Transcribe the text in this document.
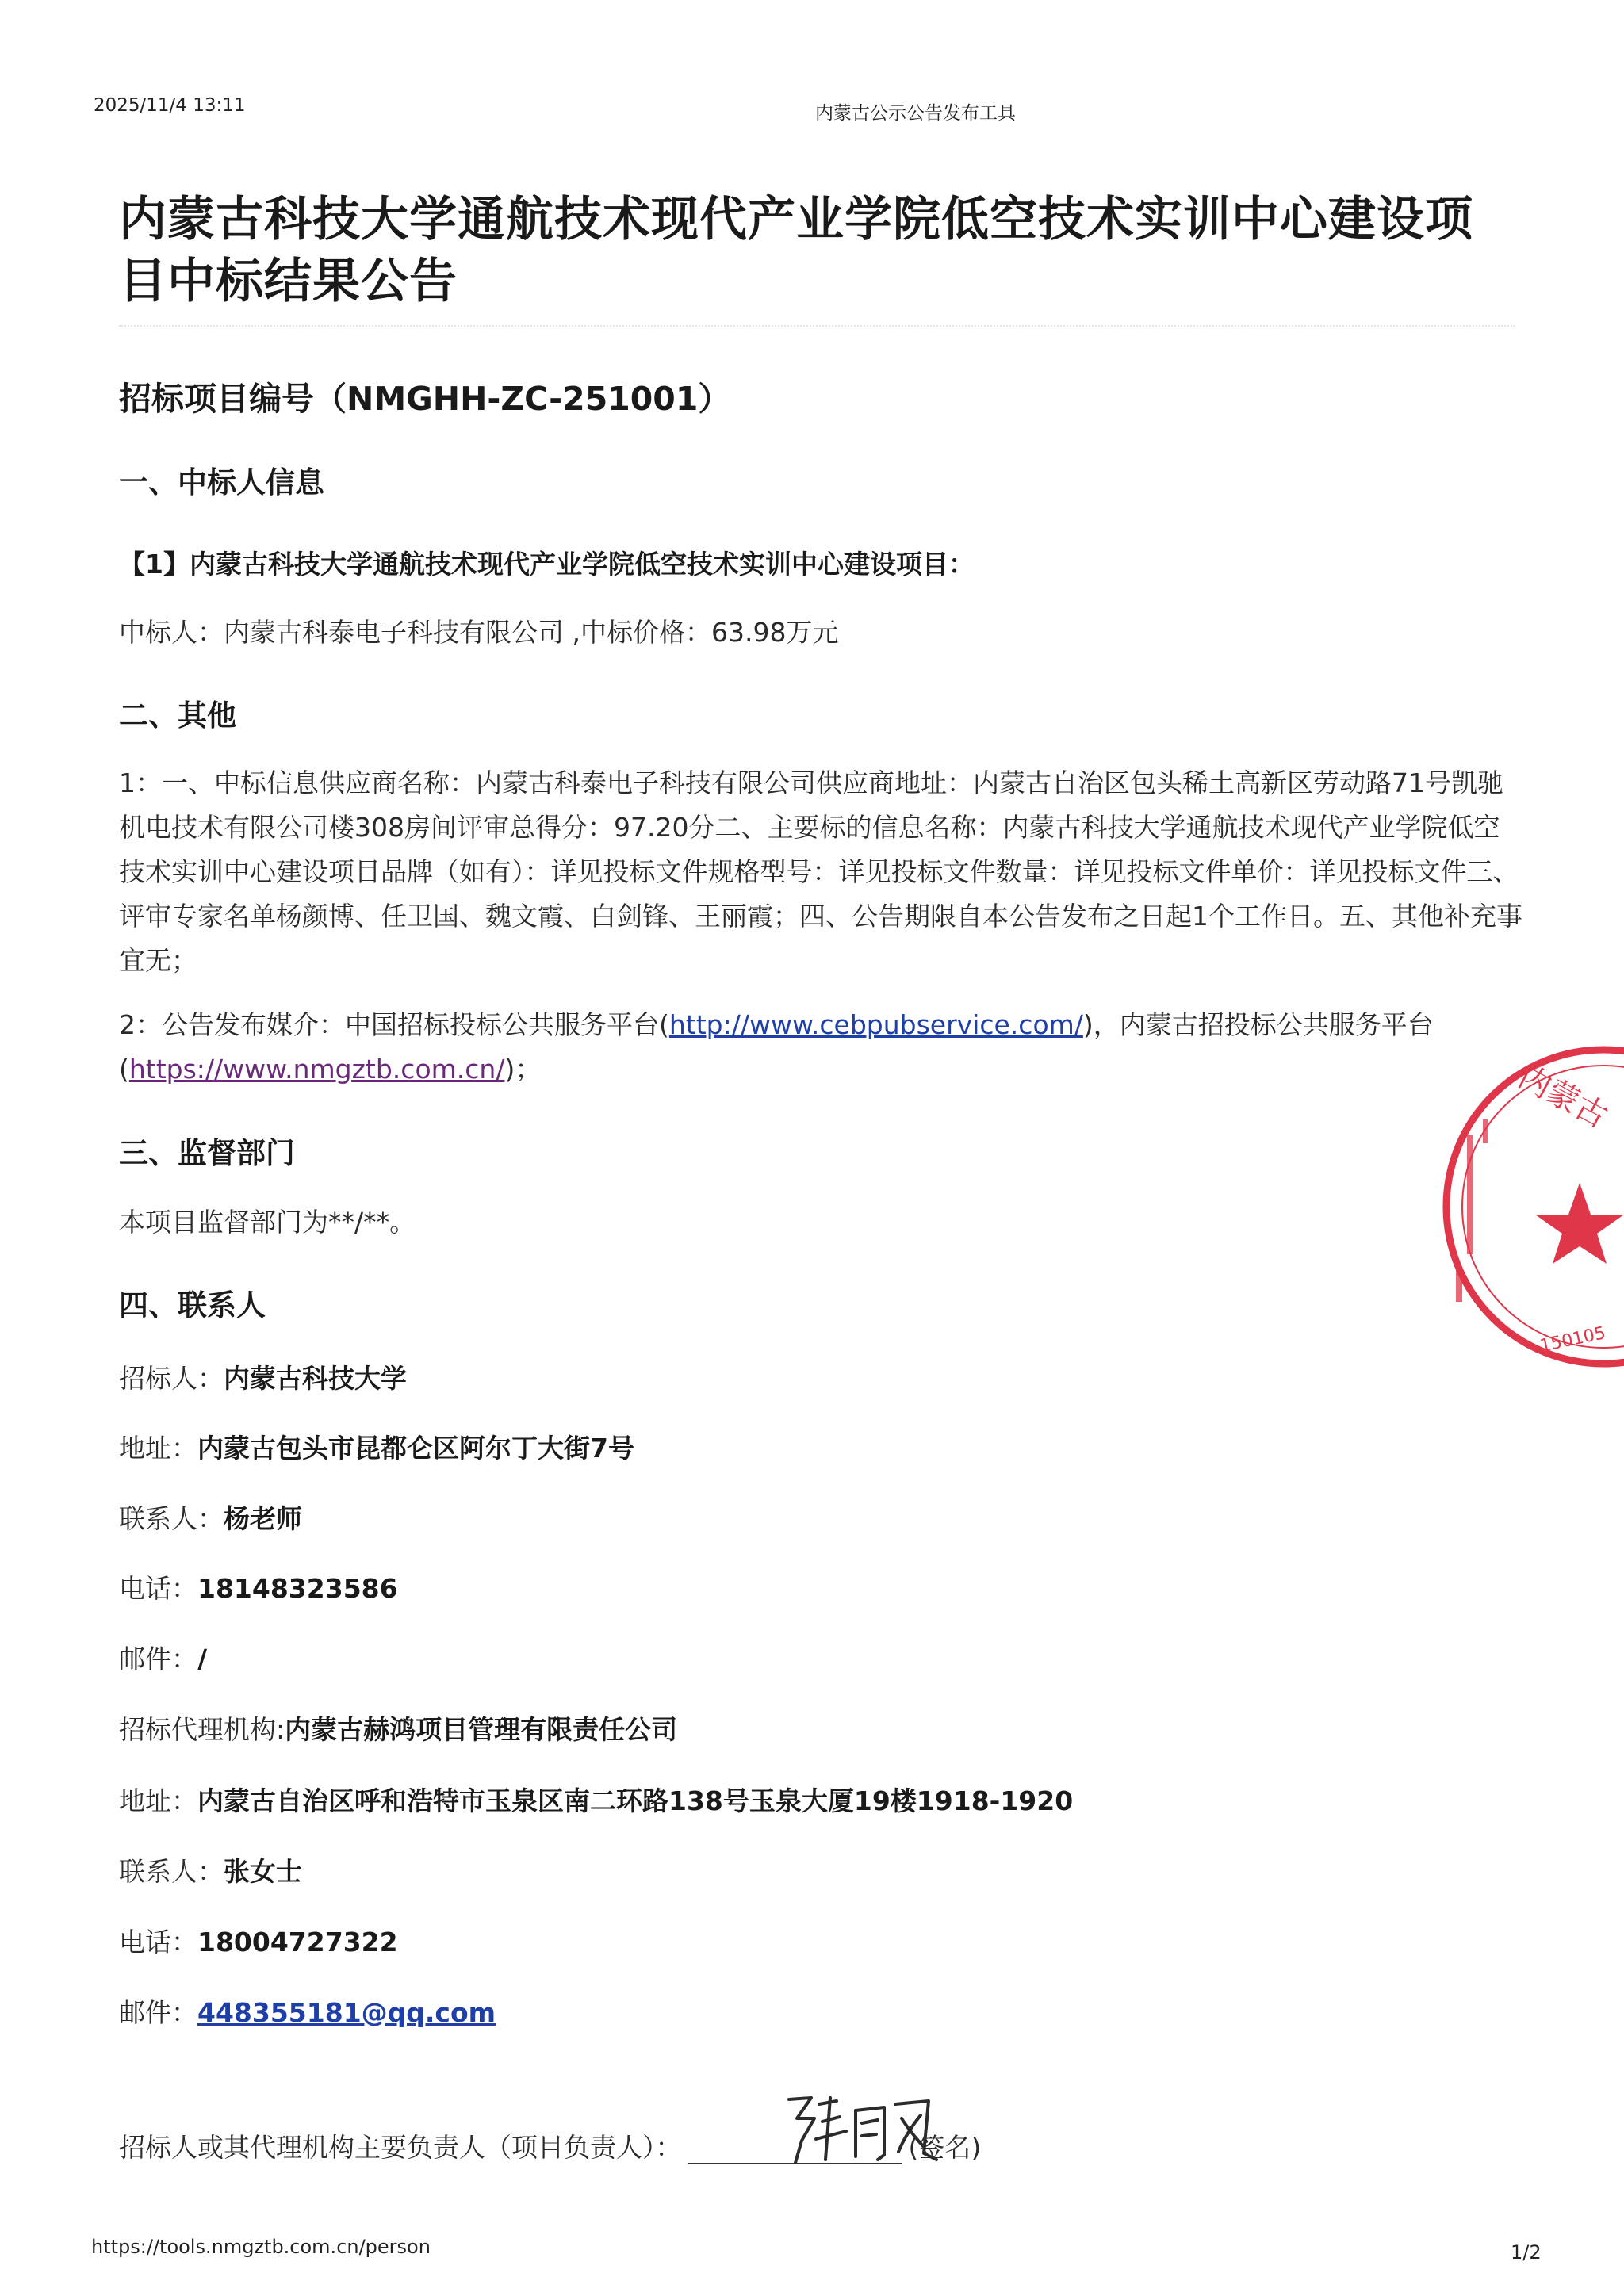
2025/11/4 13:11	内蒙古公示公告发布工具
内蒙古科技大学通航技术现代产业学院低空技术实训中心建设项目中标结果公告
招标项目编号（NMGHH-ZC-251001）
一、中标人信息
【1】内蒙古科技大学通航技术现代产业学院低空技术实训中心建设项目：
中标人：内蒙古科泰电子科技有限公司 ,中标价格：63.98万元
二、其他

1：一、中标信息供应商名称：内蒙古科泰电子科技有限公司供应商地址：内蒙古自治区包头稀土高新区劳动路71号凯驰机电技术有限公司楼308房间评审总得分：97.20分二、主要标的信息名称：内蒙古科技大学通航技术现代产业学院低空技术实训中心建设项目品牌（如有）：详见投标文件规格型号：详见投标文件数量：详见投标文件单价：详见投标文件三、评审专家名单杨颜博、任卫国、魏文霞、白剑锋、王丽霞；四、公告期限自本公告发布之日起1个工作日。五、其他补充事宜无；

2：公告发布媒介：中国招标投标公共服务平台(http://www.cebpubservice.com/)，内蒙古招投标公共服务平台(https://www.nmgztb.com.cn/)；

三、监督部门
本项目监督部门为**/**。
四、联系人
招标人：内蒙古科技大学
地址：内蒙古包头市昆都仑区阿尔丁大街7号
联系人：杨老师
电话：18148323586
邮件：/
招标代理机构:内蒙古赫鸿项目管理有限责任公司
地址：内蒙古自治区呼和浩特市玉泉区南二环路138号玉泉大厦19楼1918-1920
联系人：张女士
电话：18004727322
邮件：448355181@qq.com
招标人或其代理机构主要负责人（项目负责人）：	(签名)
内蒙古
150105
https://tools.nmgztb.com.cn/person	1/2
